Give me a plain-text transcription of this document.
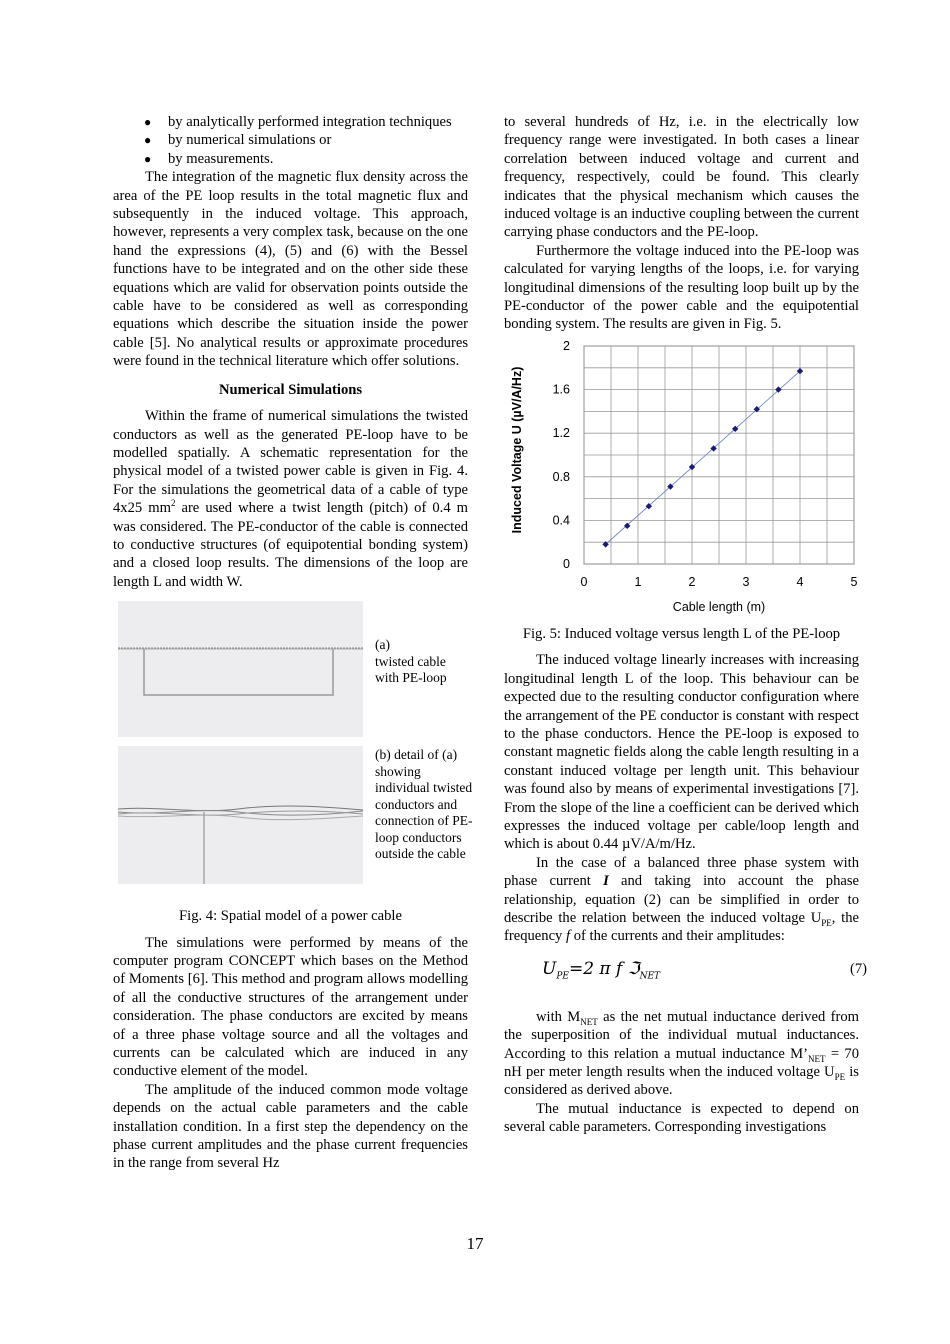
● by analytically performed integration techniques

● by numerical simulations or

● by measurements.

The integration of the magnetic flux density across the area of the PE loop results in the total magnetic flux and subsequently in the induced voltage. This approach, however, represents a very complex task, because on the one hand the expressions (4), (5) and (6) with the Bessel functions have to be integrated and on the other side these equations which are valid for observation points outside the cable have to be considered as well as corresponding equations which describe the situation inside the power cable [5]. No analytical results or approximate procedures were found in the technical literature which offer solutions.

Numerical Simulations

Within the frame of numerical simulations the twisted conductors as well as the generated PE-loop have to be modelled spatially. A schematic representation for the physical model of a twisted power cable is given in Fig. 4. For the simulations the geometrical data of a cable of type 4x25 $mm^2$ are used where a twist length (pitch) of 0.4 m was considered. The PE-conductor of the cable is connected to conductive structures (of equipotential bonding system) and a closed loop results. The dimensions of the loop are length L and width W.

(a)
twisted cable with PE-loop
(b) detail of (a) showing individual twisted conductors and connection of PE-loop conductors outside the cable

Fig. 4: Spatial model of a power cable

The simulations were performed by means of the computer program CONCEPT which bases on the Method of Moments [6]. This method and program allows modelling of all the conductive structures of the arrangement under consideration. The phase conductors are excited by means of a three phase voltage source and all the voltages and currents can be calculated which are induced in any conductive element of the model.

The amplitude of the induced common mode voltage depends on the actual cable parameters and the cable installation condition. In a first step the dependency on the phase current amplitudes and the phase current frequencies in the range from several Hz

to several hundreds of Hz, i.e. in the electrically low frequency range were investigated. In both cases a linear correlation between induced voltage and current and frequency, respectively, could be found. This clearly indicates that the physical mechanism which causes the induced voltage is an inductive coupling between the current carrying phase conductors and the PE-loop.

Furthermore the voltage induced into the PE-loop was calculated for varying lengths of the loops, i.e. for varying longitudinal dimensions of the resulting loop built up by the PE-conductor of the power cable and the equipotential bonding system. The results are given in Fig. 5.

0	1	2	3	4	5
0
0.4
0.8
1.2
1.6
2
Cable length (m)
Induced Voltage U (µV/A/Hz)

Fig. 5: Induced voltage versus length L of the PE-loop

The induced voltage linearly increases with increasing longitudinal length L of the loop. This behaviour can be expected due to the resulting conductor configuration where the arrangement of the PE conductor is constant with respect to the phase conductors. Hence the PE-loop is exposed to constant magnetic fields along the cable length resulting in a constant induced voltage per length unit. This behaviour was found also by means of experimental investigations [7]. From the slope of the line a coefficient can be derived which expresses the induced voltage per cable/loop length and which is about 0.44 µV/A/m/Hz.

In the case of a balanced three phase system with phase current I and taking into account the phase relationship, equation (2) can be simplified in order to describe the relation between the induced voltage $U_{PE}$, the frequency f of the currents and their amplitudes:

$U_{PE}=2$ π f ℑ$_{NET}$	(7)

with $M_{NET}$ as the net mutual inductance derived from the superposition of the individual mutual inductances. According to this relation a mutual inductance $M’_{NET} = 70$ nH per meter length results when the induced voltage $U_{PE}$ is considered as derived above.

The mutual inductance is expected to depend on several cable parameters. Corresponding investigations

17
